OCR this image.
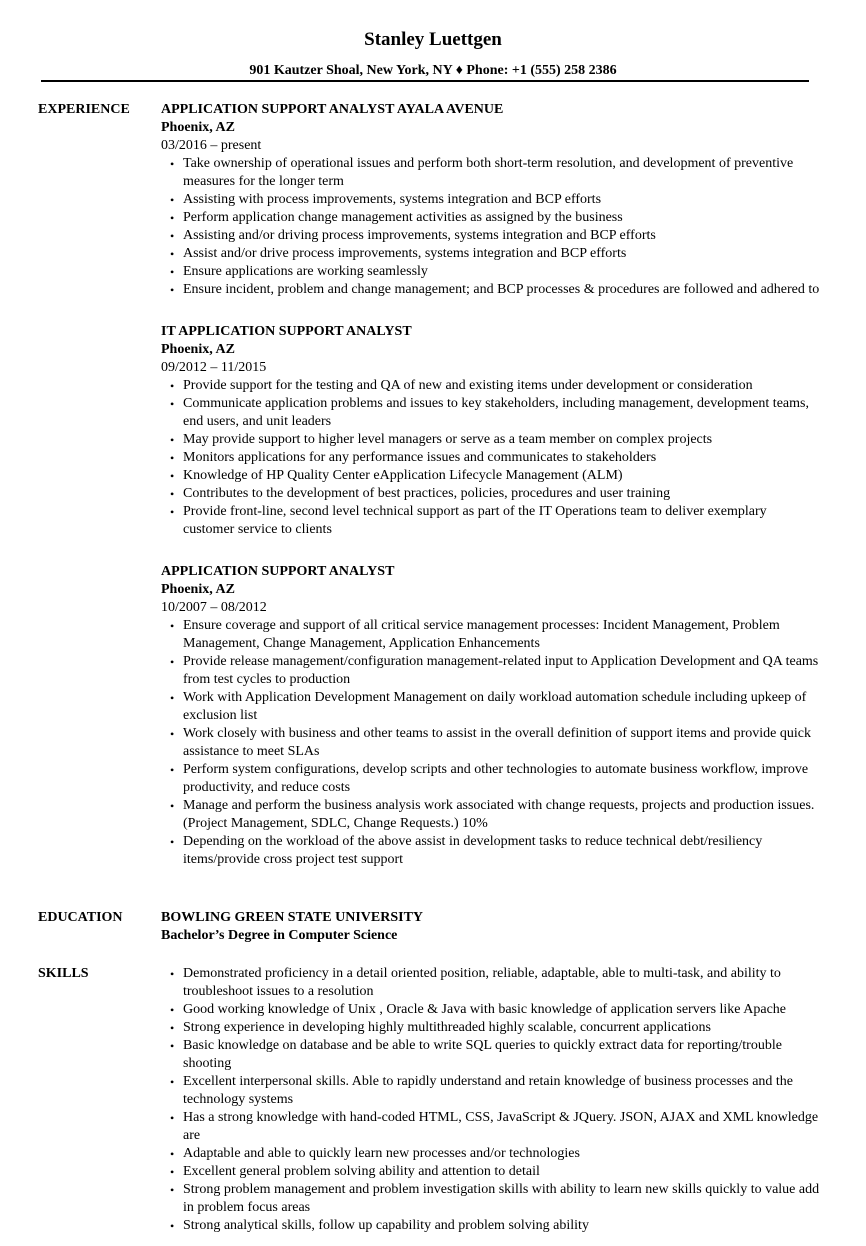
Stanley Luettgen
901 Kautzer Shoal, New York, NY ♦ Phone: +1 (555) 258 2386
EXPERIENCE APPLICATION SUPPORT ANALYST AYALA AVENUE
Phoenix, AZ
03/2016 – present
• Take ownership of operational issues and perform both short-term resolution, and development of preventive measures for the longer term
• Assisting with process improvements, systems integration and BCP efforts
• Perform application change management activities as assigned by the business
• Assisting and/or driving process improvements, systems integration and BCP efforts
• Assist and/or drive process improvements, systems integration and BCP efforts
• Ensure applications are working seamlessly
• Ensure incident, problem and change management; and BCP processes & procedures are followed and adhered to
IT APPLICATION SUPPORT ANALYST
Phoenix, AZ
09/2012 – 11/2015
• Provide support for the testing and QA of new and existing items under development or consideration
• Communicate application problems and issues to key stakeholders, including management, development teams, end users, and unit leaders
• May provide support to higher level managers or serve as a team member on complex projects
• Monitors applications for any performance issues and communicates to stakeholders
• Knowledge of HP Quality Center eApplication Lifecycle Management (ALM)
• Contributes to the development of best practices, policies, procedures and user training
• Provide front-line, second level technical support as part of the IT Operations team to deliver exemplary customer service to clients
APPLICATION SUPPORT ANALYST
Phoenix, AZ
10/2007 – 08/2012
• Ensure coverage and support of all critical service management processes: Incident Management, Problem Management, Change Management, Application Enhancements
• Provide release management/configuration management-related input to Application Development and QA teams from test cycles to production
• Work with Application Development Management on daily workload automation schedule including upkeep of exclusion list
• Work closely with business and other teams to assist in the overall definition of support items and provide quick assistance to meet SLAs
• Perform system configurations, develop scripts and other technologies to automate business workflow, improve productivity, and reduce costs
• Manage and perform the business analysis work associated with change requests, projects and production issues. (Project Management, SDLC, Change Requests.) 10%
• Depending on the workload of the above assist in development tasks to reduce technical debt/resiliency items/provide cross project test support
EDUCATION	BOWLING GREEN STATE UNIVERSITY
Bachelor’s Degree in Computer Science
SKILLS
•	Demonstrated proficiency in a detail oriented position, reliable, adaptable, able to multi-task, and ability to troubleshoot issues to a resolution
• Good working knowledge of Unix , Oracle & Java with basic knowledge of application servers like Apache
• Strong experience in developing highly multithreaded highly scalable, concurrent applications
• Basic knowledge on database and be able to write SQL queries to quickly extract data for reporting/trouble shooting
• Excellent interpersonal skills. Able to rapidly understand and retain knowledge of business processes and the technology systems
• Has a strong knowledge with hand-coded HTML, CSS, JavaScript & JQuery. JSON, AJAX and XML knowledge are
• Adaptable and able to quickly learn new processes and/or technologies
• Excellent general problem solving ability and attention to detail
• Strong problem management and problem investigation skills with ability to learn new skills quickly to value add in problem focus areas
• Strong analytical skills, follow up capability and problem solving ability
